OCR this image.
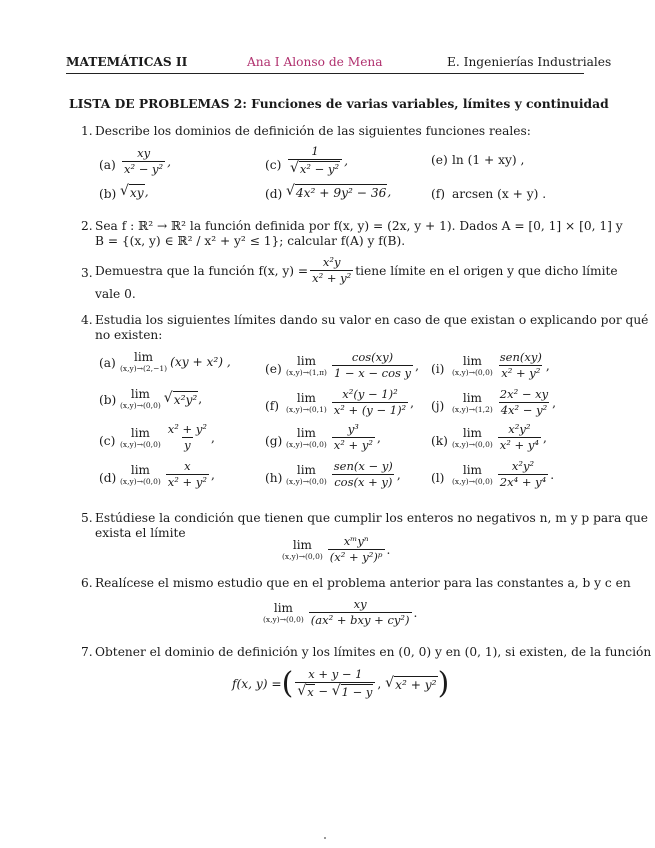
MATEMÁTICAS II	Ana I Alonso de Mena	E. Ingenierías Industriales
LISTA DE PROBLEMAS 2: Funciones de varias variables, límites y continuidad
1. Describe los dominios de definición de las siguientes funciones reales:
$(a) \frac{xy}{\text{x² − y²}}$ ,
(b) √ xy ,
$(c) \frac{1}{\text{√ x² − y²}}$ ,
(d) √ 4x² + 9y² − 36 ,
(e) ln (1 + xy) ,
(f) arcsen (x + y) .
2. Sea f : ℝ² → ℝ² la función definida por f(x, y) = (2x, y + 1). Dados A = [0, 1] × [0, 1] y
B = {(x, y) ∈ ℝ² / x² + y² ≤ 1}; calcular f(A) y f(B).
3. Demuestra que la función f(x, $y) = \frac{\text{x²y}}{\text{x² + y²}}$ tiene límite en el origen y que dicho límite
vale 0.
4. Estudia los siguientes límites dando su valor en caso de que existan o explicando por qué
no existen:
(a) lim
(x,y)→(2,−1) (xy + x²) ,
(b) lim
(x,y)→(0,0) √ x²y² ,
(c)
lim
$(x,y)\to(0,0) \frac{\text{x² + y²}}{y}$ ,
(d)
lim
$(x,y)\to(0,0) \frac{x}{\text{x² + y²}}$ ,
(e)
lim
$(x,y)\to(1,\pi) \frac{\cos(xy)}{\text{1 − x − cos y}}$ ,
(f)
lim
$(x,y)\to(0,1) \frac{\text{x²(y − 1)²}}{\text{x² + (y − 1)²}}$ ,
(g)
lim
$(x,y)\to(0,0) \frac{\text{y³}}{\text{x² + y²}}$ ,
(h)
lim
$(x,y)\to(0,0) \frac{\text{sen(x − y)}}{\cos(x + y)}$ ,
(i)
lim
$(x,y)\to(0,0) \frac{\text{sen(xy)}}{\text{x² + y²}}$ ,
(j)
lim
$(x,y)\to(1,2) \frac{\text{2x² − xy}}{\text{4x² − y²}}$ ,
(k)
lim
$(x,y)\to(0,0) \frac{\text{x²y²}}{\text{x² + y⁴}}$ ,
(l)
lim
$(x,y)\to(0,0) \frac{\text{x²y²}}{\text{2x⁴ + y⁴}}$ .
5. Estúdiese la condición que tienen que cumplir los enteros no negativos n, m y p para que
exista el límite
lim
$(x,y)\to(0,0) \frac{\text{xᵐyⁿ}}{\text{(x² + y²)ᵖ}}$ .
6. Realícese el mismo estudio que en el problema anterior para las constantes a, b y c en
lim
$(x,y)\to(0,0) \frac{xy}{\text{(ax² + bxy + cy²)}}$ .
7. Obtener el dominio de definición y los límites en (0, 0) y en (0, 1), si existen, de la función
f(x, y) = ( $\frac{x + y - 1}{√ x - √ 1 - y}$ ,
√ x² + y² )
